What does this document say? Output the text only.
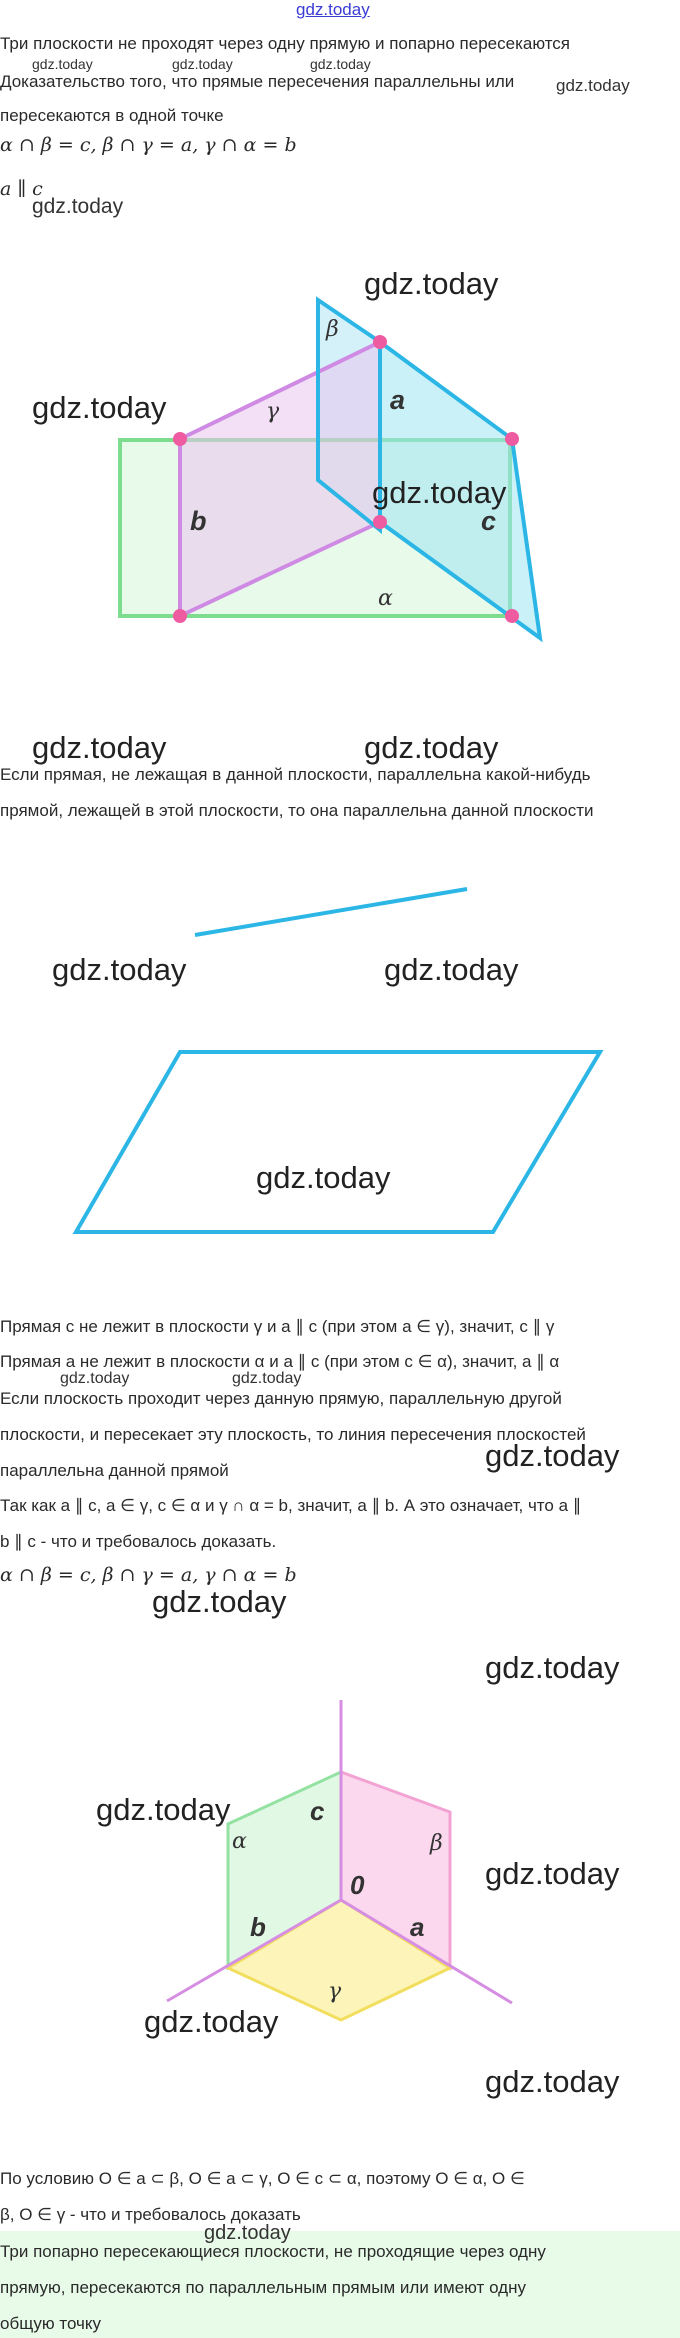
gdz.today
Три плоскости не проходят через одну прямую и попарно пересекаются
gdz.today	gdz.today	gdz.today
Доказательство того, что прямые пересечения параллельны или gdz.today
пересекаются в одной точке
α ∩ β = c, β ∩ γ = a, γ ∩ α = b
a ∥ c
gdz.today
β
γ
α
a
b	c
gdz.today
gdz.today
gdz.today
gdz.today	gdz.today
Если прямая, не лежащая в данной плоскости, параллельна какой-нибудь
прямой, лежащей в этой плоскости, то она параллельна данной плоскости
gdz.today	gdz.today
gdz.today
Прямая c не лежит в плоскости γ и a ∥ c (при этом a ∈ γ), значит, c ∥ γ
Прямая a не лежит в плоскости α и a ∥ c (при этом c ∈ α), значит, a ∥ α
gdz.today	gdz.today
Если плоскость проходит через данную прямую, параллельную другой
плоскости, и пересекает эту плоскость, то линия пересечения плоскостей
gdz.today
параллельна данной прямой
Так как a ∥ c, a ∈ γ, c ∈ α и γ ∩ α = b, значит, a ∥ b. А это означает, что a ∥
b ∥ c - что и требовалось доказать.
α ∩ β = c, β ∩ γ = a, γ ∩ α = b
gdz.today
gdz.today
α	β
γ
c
b	a
0
gdz.today
gdz.today
gdz.today
gdz.today
По условию O ∈ a ⊂ β, O ∈ a ⊂ γ, O ∈ c ⊂ α, поэтому O ∈ α, O ∈
β, O ∈ γ - что и требовалось доказать
gdz.today
Три попарно пересекающиеся плоскости, не проходящие через одну
прямую, пересекаются по параллельным прямым или имеют одну
общую точку
